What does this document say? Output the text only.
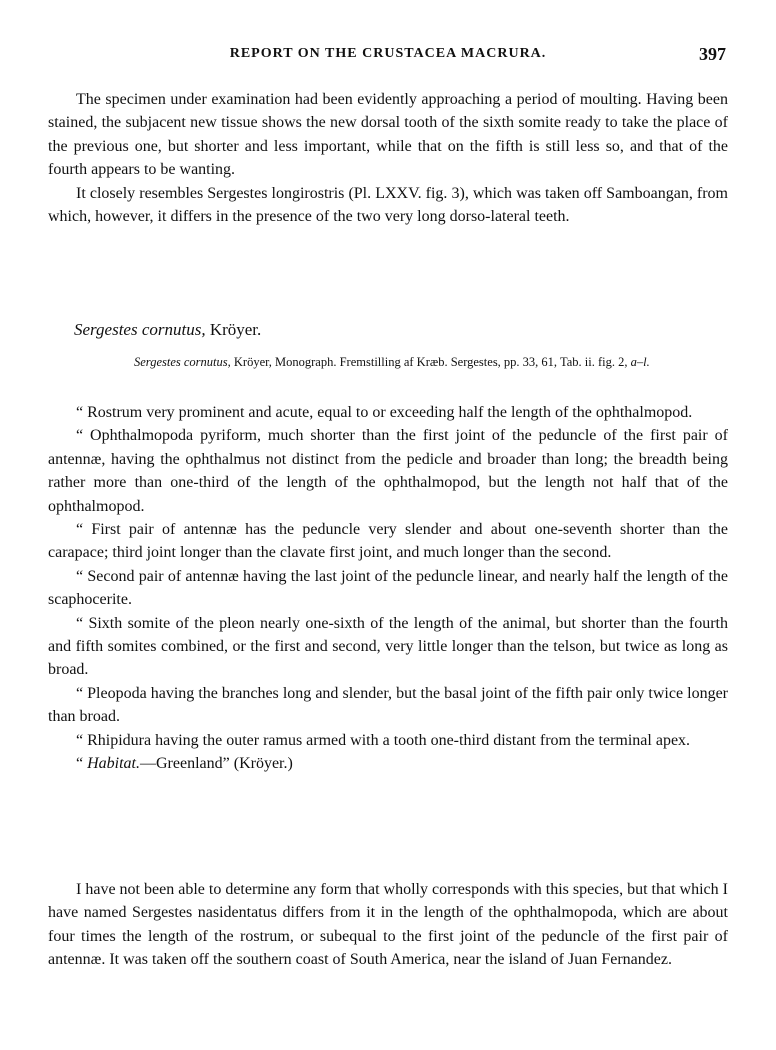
REPORT ON THE CRUSTACEA MACRURA.	397

The specimen under examination had been evidently approaching a period of moulting. Having been stained, the subjacent new tissue shows the new dorsal tooth of the sixth somite ready to take the place of the previous one, but shorter and less important, while that on the fifth is still less so, and that of the fourth appears to be wanting.

It closely resembles Sergestes longirostris (Pl. LXXV. fig. 3), which was taken off Samboangan, from which, however, it differs in the presence of the two very long dorso-lateral teeth.

Sergestes cornutus, Kröyer.
Sergestes cornutus, Kröyer, Monograph. Fremstilling af Kræb. Sergestes, pp. 33, 61, Tab. ii. fig. 2, a–l.

“ Rostrum very prominent and acute, equal to or exceeding half the length of the ophthalmopod.

“ Ophthalmopoda pyriform, much shorter than the first joint of the peduncle of the first pair of antennæ, having the ophthalmus not distinct from the pedicle and broader than long; the breadth being rather more than one-third of the length of the ophthalmopod, but the length not half that of the ophthalmopod.

“ First pair of antennæ has the peduncle very slender and about one-seventh shorter than the carapace; third joint longer than the clavate first joint, and much longer than the second.

“ Second pair of antennæ having the last joint of the peduncle linear, and nearly half the length of the scaphocerite.

“ Sixth somite of the pleon nearly one-sixth of the length of the animal, but shorter than the fourth and fifth somites combined, or the first and second, very little longer than the telson, but twice as long as broad.

“ Pleopoda having the branches long and slender, but the basal joint of the fifth pair only twice longer than broad.

“ Rhipidura having the outer ramus armed with a tooth one-third distant from the terminal apex.

“ Habitat.—Greenland” (Kröyer.)

I have not been able to determine any form that wholly corresponds with this species, but that which I have named Sergestes nasidentatus differs from it in the length of the ophthalmopoda, which are about four times the length of the rostrum, or subequal to the first joint of the peduncle of the first pair of antennæ. It was taken off the southern coast of South America, near the island of Juan Fernandez.
